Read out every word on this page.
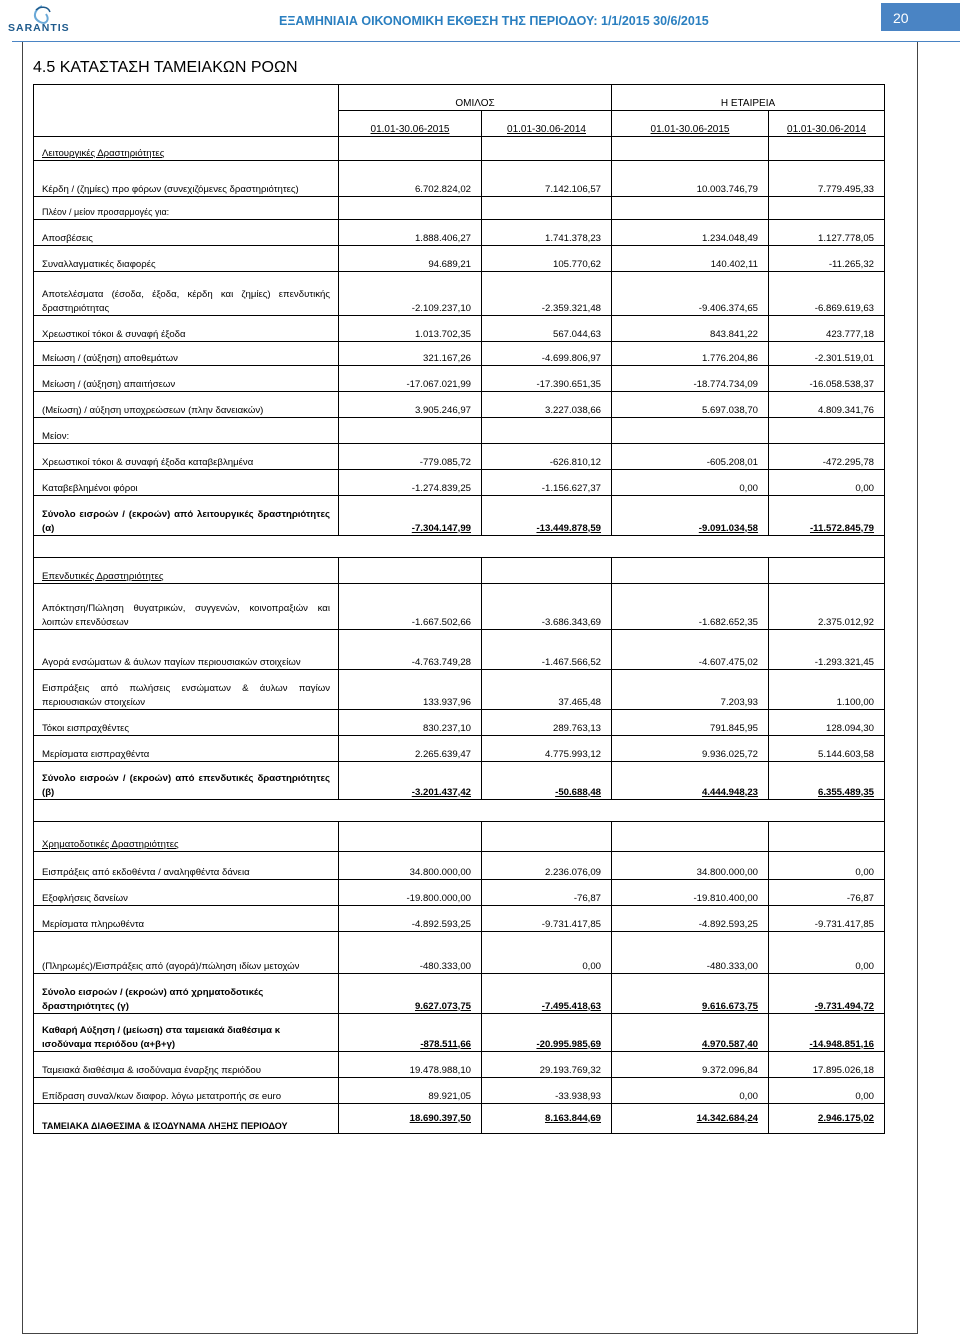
SARANTIS	ΕΞΑΜΗΝΙΑΙΑ ΟΙΚΟΝΟΜΙΚΗ ΕΚΘΕΣΗ ΤΗΣ ΠΕΡΙΟΔΟΥ: 1/1/2015 30/6/2015	20
4.5 ΚΑΤΑΣΤΑΣΗ ΤΑΜΕΙΑΚΩΝ ΡΟΩΝ
	ΟΜΙΛΟΣ		Η ΕΤΑΙΡΕΙΑ	
	01.01-30.06-2015	01.01-30.06-2014	01.01-30.06-2015	01.01-30.06-2014
Λειτουργικές Δραστηριότητες				
Κέρδη / (ζημίες) προ φόρων (συνεχιζόμενες δραστηριότητες)	6.702.824,02	7.142.106,57	10.003.746,79	7.779.495,33
Πλέον / μείον προσαρμογές για:				
Αποσβέσεις	1.888.406,27	1.741.378,23	1.234.048,49	1.127.778,05
Συναλλαγματικές διαφορές	94.689,21	105.770,62	140.402,11	-11.265,32
Αποτελέσματα (έσοδα, έξοδα, κέρδη και ζημίες) επενδυτικής δραστηριότητας	-2.109.237,10	-2.359.321,48	-9.406.374,65	-6.869.619,63
Χρεωστικοί τόκοι & συναφή έξοδα	1.013.702,35	567.044,63	843.841,22	423.777,18
Μείωση / (αύξηση) αποθεμάτων	321.167,26	-4.699.806,97	1.776.204,86	-2.301.519,01
Μείωση / (αύξηση) απαιτήσεων	-17.067.021,99	-17.390.651,35	-18.774.734,09	-16.058.538,37
(Μείωση) / αύξηση υποχρεώσεων (πλην δανειακών)	3.905.246,97	3.227.038,66	5.697.038,70	4.809.341,76
Μείον:				
Χρεωστικοί τόκοι & συναφή έξοδα καταβεβλημένα	-779.085,72	-626.810,12	-605.208,01	-472.295,78
Καταβεβλημένοι φόροι	-1.274.839,25	-1.156.627,37	0,00	0,00
Σύνολο εισροών / (εκροών) από λειτουργικές δραστηριότητες (α)	-7.304.147,99	-13.449.878,59	-9.091.034,58	-11.572.845,79

Επενδυτικές Δραστηριότητες				
Απόκτηση/Πώληση θυγατρικών, συγγενών, κοινοπραξιών και λοιπών επενδύσεων	-1.667.502,66	-3.686.343,69	-1.682.652,35	2.375.012,92
Αγορά ενσώματων & άυλων παγίων περιουσιακών στοιχείων	-4.763.749,28	-1.467.566,52	-4.607.475,02	-1.293.321,45
Εισπράξεις από πωλήσεις ενσώματων & άυλων παγίων περιουσιακών στοιχείων	133.937,96	37.465,48	7.203,93	1.100,00
Τόκοι εισπραχθέντες	830.237,10	289.763,13	791.845,95	128.094,30
Μερίσματα εισπραχθέντα	2.265.639,47	4.775.993,12	9.936.025,72	5.144.603,58
Σύνολο εισροών / (εκροών) από επενδυτικές δραστηριότητες (β)	-3.201.437,42	-50.688,48	4.444.948,23	6.355.489,35

Χρηματοδοτικές Δραστηριότητες				
Εισπράξεις από εκδοθέντα / αναληφθέντα δάνεια	34.800.000,00	2.236.076,09	34.800.000,00	0,00
Εξοφλήσεις δανείων	-19.800.000,00	-76,87	-19.810.400,00	-76,87
Μερίσματα πληρωθέντα	-4.892.593,25	-9.731.417,85	-4.892.593,25	-9.731.417,85
(Πληρωμές)/Εισπράξεις από (αγορά)/πώληση ιδίων μετοχών	-480.333,00	0,00	-480.333,00	0,00
Σύνολο εισροών / (εκροών) από χρηματοδοτικές δραστηριότητες (γ)	9.627.073,75	-7.495.418,63	9.616.673,75	-9.731.494,72
Καθαρή Αύξηση / (μείωση) στα ταμειακά διαθέσιμα κ ισοδύναμα περιόδου (α+β+γ)	-878.511,66	-20.995.985,69	4.970.587,40	-14.948.851,16
Ταμειακά διαθέσιμα & ισοδύναμα έναρξης περιόδου	19.478.988,10	29.193.769,32	9.372.096,84	17.895.026,18
Επίδραση συναλ/κων διαφορ. λόγω μετατροπής σε euro	89.921,05	-33.938,93	0,00	0,00
ΤΑΜΕΙΑΚΑ ΔΙΑΘΕΣΙΜΑ & ΙΣΟΔΥΝΑΜΑ ΛΗΞΗΣ ΠΕΡΙΟΔΟΥ	18.690.397,50	8.163.844,69	14.342.684,24	2.946.175,02
